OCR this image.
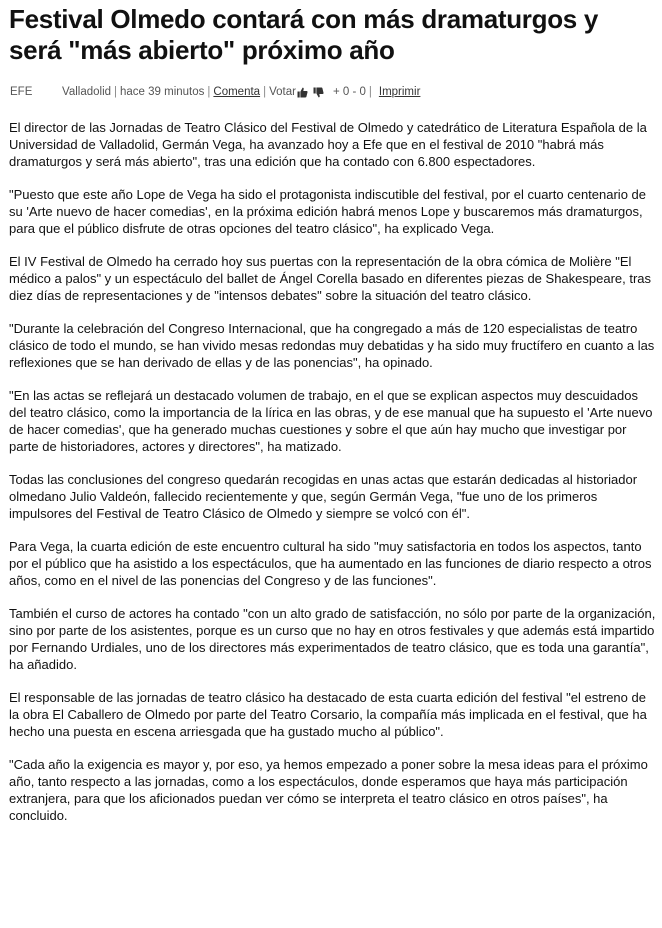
Festival Olmedo contará con más dramaturgos y será "más abierto" próximo año
EFE	Valladolid | hace 39 minutos | Comenta | Votar	+ 0 - 0 | Imprimir

El director de las Jornadas de Teatro Clásico del Festival de Olmedo y catedrático de Literatura Española de la Universidad de Valladolid, Germán Vega, ha avanzado hoy a Efe que en el festival de 2010 "habrá más dramaturgos y será más abierto", tras una edición que ha contado con 6.800 espectadores.

"Puesto que este año Lope de Vega ha sido el protagonista indiscutible del festival, por el cuarto centenario de su 'Arte nuevo de hacer comedias', en la próxima edición habrá menos Lope y buscaremos más dramaturgos, para que el público disfrute de otras opciones del teatro clásico", ha explicado Vega.

El IV Festival de Olmedo ha cerrado hoy sus puertas con la representación de la obra cómica de Molière "El médico a palos" y un espectáculo del ballet de Ángel Corella basado en diferentes piezas de Shakespeare, tras diez días de representaciones y de "intensos debates" sobre la situación del teatro clásico.

"Durante la celebración del Congreso Internacional, que ha congregado a más de 120 especialistas de teatro clásico de todo el mundo, se han vivido mesas redondas muy debatidas y ha sido muy fructífero en cuanto a las reflexiones que se han derivado de ellas y de las ponencias", ha opinado.

"En las actas se reflejará un destacado volumen de trabajo, en el que se explican aspectos muy descuidados del teatro clásico, como la importancia de la lírica en las obras, y de ese manual que ha supuesto el 'Arte nuevo de hacer comedias', que ha generado muchas cuestiones y sobre el que aún hay mucho que investigar por parte de historiadores, actores y directores", ha matizado.

Todas las conclusiones del congreso quedarán recogidas en unas actas que estarán dedicadas al historiador olmedano Julio Valdeón, fallecido recientemente y que, según Germán Vega, "fue uno de los primeros impulsores del Festival de Teatro Clásico de Olmedo y siempre se volcó con él".

Para Vega, la cuarta edición de este encuentro cultural ha sido "muy satisfactoria en todos los aspectos, tanto por el público que ha asistido a los espectáculos, que ha aumentado en las funciones de diario respecto a otros años, como en el nivel de las ponencias del Congreso y de las funciones".

También el curso de actores ha contado "con un alto grado de satisfacción, no sólo por parte de la organización, sino por parte de los asistentes, porque es un curso que no hay en otros festivales y que además está impartido por Fernando Urdiales, uno de los directores más experimentados de teatro clásico, que es toda una garantía", ha añadido.

El responsable de las jornadas de teatro clásico ha destacado de esta cuarta edición del festival "el estreno de la obra El Caballero de Olmedo por parte del Teatro Corsario, la compañía más implicada en el festival, que ha hecho una puesta en escena arriesgada que ha gustado mucho al público".

"Cada año la exigencia es mayor y, por eso, ya hemos empezado a poner sobre la mesa ideas para el próximo año, tanto respecto a las jornadas, como a los espectáculos, donde esperamos que haya más participación extranjera, para que los aficionados puedan ver cómo se interpreta el teatro clásico en otros países", ha concluido.
